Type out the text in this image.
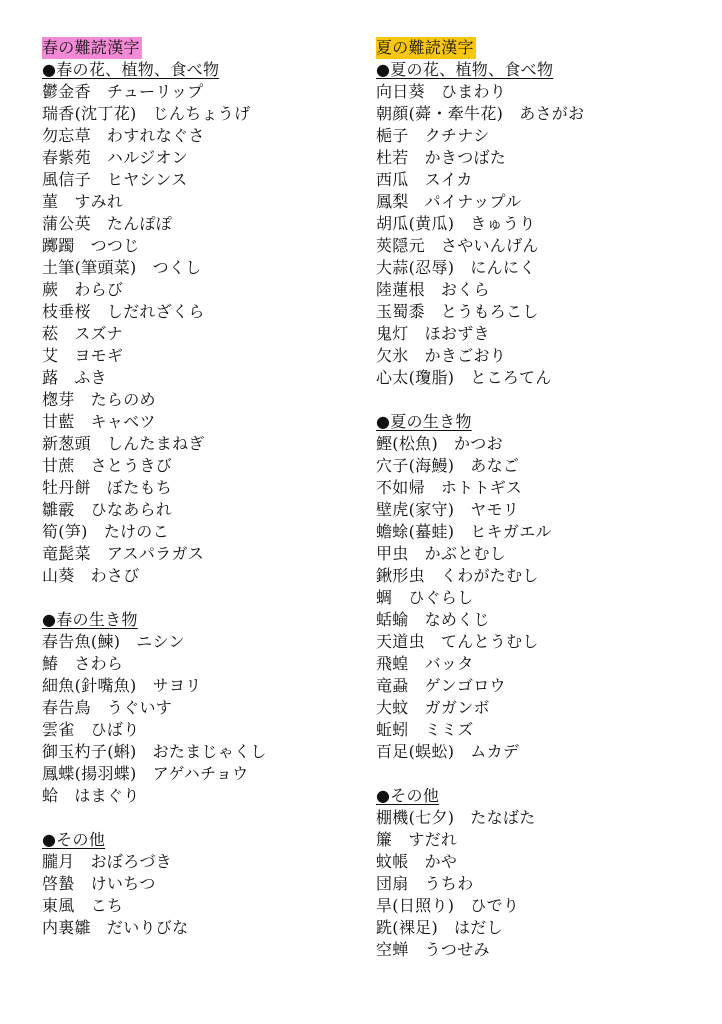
春の難読漢字
●春の花、植物、食べ物
鬱金香 チューリップ
瑞香(沈丁花) じんちょうげ
勿忘草 わすれなぐさ
春紫苑 ハルジオン
風信子 ヒヤシンス
菫 すみれ
蒲公英 たんぽぽ
躑躅 つつじ
土筆(筆頭菜) つくし
蕨 わらび
枝垂桜 しだれざくら
菘 スズナ
艾 ヨモギ
蕗 ふき
楤芽 たらのめ
甘藍 キャベツ
新葱頭 しんたまねぎ
甘蔗 さとうきび
牡丹餅 ぼたもち
雛霰 ひなあられ
筍(笋) たけのこ
竜髭菜 アスパラガス
山葵 わさび
●春の生き物
春告魚(鰊) ニシン
鰆 さわら
細魚(針嘴魚) サヨリ
春告鳥 うぐいす
雲雀 ひばり
御玉杓子(蝌) おたまじゃくし
鳳蝶(揚羽蝶) アゲハチョウ
蛤 はまぐり
●その他
朧月 おぼろづき
啓蟄 けいちつ
東風 こち
内裏雛 だいりびな
夏の難読漢字
●夏の花、植物、食べ物
向日葵 ひまわり
朝顔(蕣・牽牛花) あさがお
梔子 クチナシ
杜若 かきつばた
西瓜 スイカ
鳳梨 パイナップル
胡瓜(黄瓜) きゅうり
莢隠元 さやいんげん
大蒜(忍辱) にんにく
陸蓮根 おくら
玉蜀黍 とうもろこし
鬼灯 ほおずき
欠氷 かきごおり
心太(瓊脂) ところてん
●夏の生き物
鰹(松魚) かつお
穴子(海鰻) あなご
不如帰 ホトトギス
壁虎(家守) ヤモリ
蟾蜍(蟇蛙) ヒキガエル
甲虫 かぶとむし
鍬形虫 くわがたむし
蜩 ひぐらし
蛞蝓 なめくじ
天道虫 てんとうむし
飛蝗 バッタ
竜蝨 ゲンゴロウ
大蚊 ガガンボ
蚯蚓 ミミズ
百足(蜈蚣) ムカデ
●その他
棚機(七夕) たなばた
簾 すだれ
蚊帳 かや
団扇 うちわ
旱(日照り) ひでり
跣(裸足) はだし
空蝉 うつせみ
